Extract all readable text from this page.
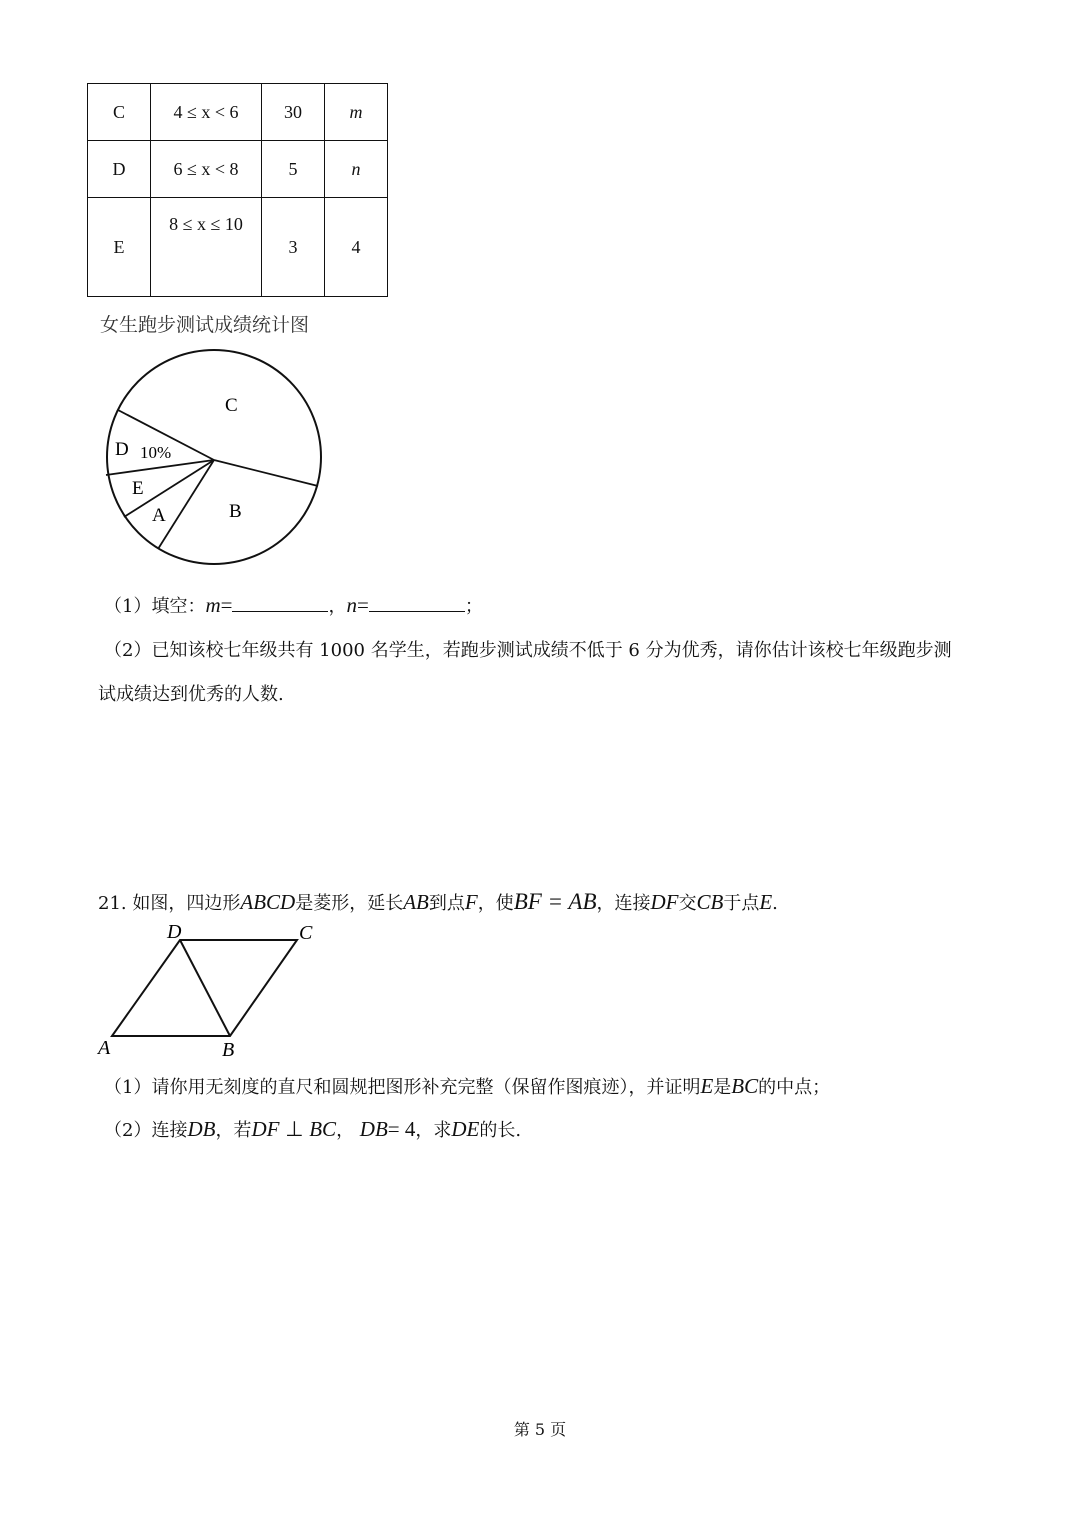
C	4 ≤ x < 6	30	m
D	6 ≤ x < 8	5	n
E	8 ≤ x ≤ 10	3	4
女生跑步测试成绩统计图
C
D 10%
E
A	B
（1）填空：m=	，n=	；
（2）已知该校七年级共有 1000 名学生，若跑步测试成绩不低于 6 分为优秀，请你估计该校七年级跑步测
试成绩达到优秀的人数.
21. 如图，四边形ABCD是菱形，延长AB到点F，使BF = AB，连接DF交CB于点E.
D	C
A	B
（1）请你用无刻度的直尺和圆规把图形补充完整（保留作图痕迹），并证明E是BC的中点；
（2）连接DB，若DF ⊥ BC， DB= 4，求DE的长.
第 5 页
